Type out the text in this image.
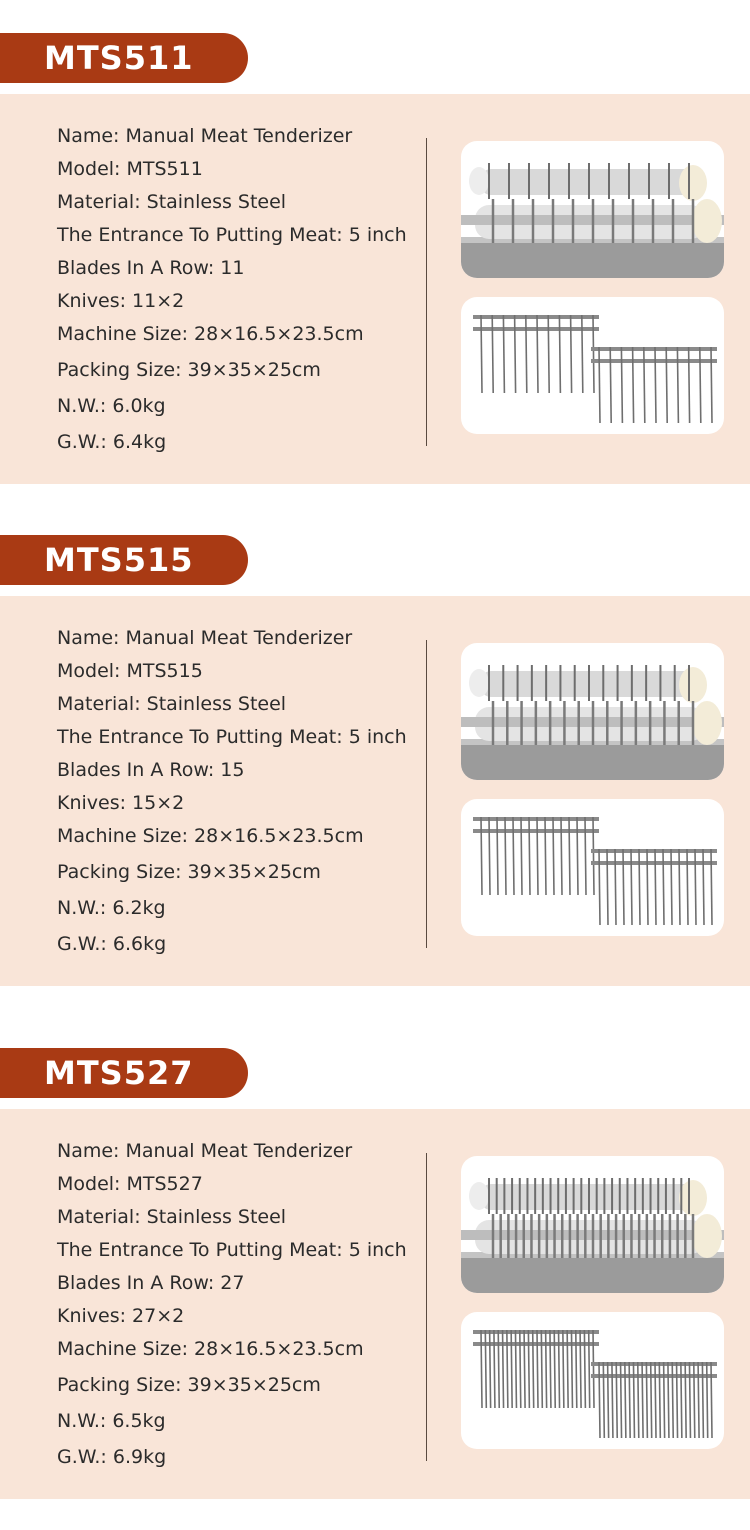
MTS511
Name: Manual Meat Tenderizer
Model: MTS511
Material: Stainless Steel
The Entrance To Putting Meat: 5 inch
Blades In A Row: 11
Knives: 11×2
Machine Size: 28×16.5×23.5cm
Packing Size: 39×35×25cm
N.W.: 6.0kg
G.W.: 6.4kg
MTS515
Name: Manual Meat Tenderizer
Model: MTS515
Material: Stainless Steel
The Entrance To Putting Meat: 5 inch
Blades In A Row: 15
Knives: 15×2
Machine Size: 28×16.5×23.5cm
Packing Size: 39×35×25cm
N.W.: 6.2kg
G.W.: 6.6kg
MTS527
Name: Manual Meat Tenderizer
Model: MTS527
Material: Stainless Steel
The Entrance To Putting Meat: 5 inch
Blades In A Row: 27
Knives: 27×2
Machine Size: 28×16.5×23.5cm
Packing Size: 39×35×25cm
N.W.: 6.5kg
G.W.: 6.9kg
